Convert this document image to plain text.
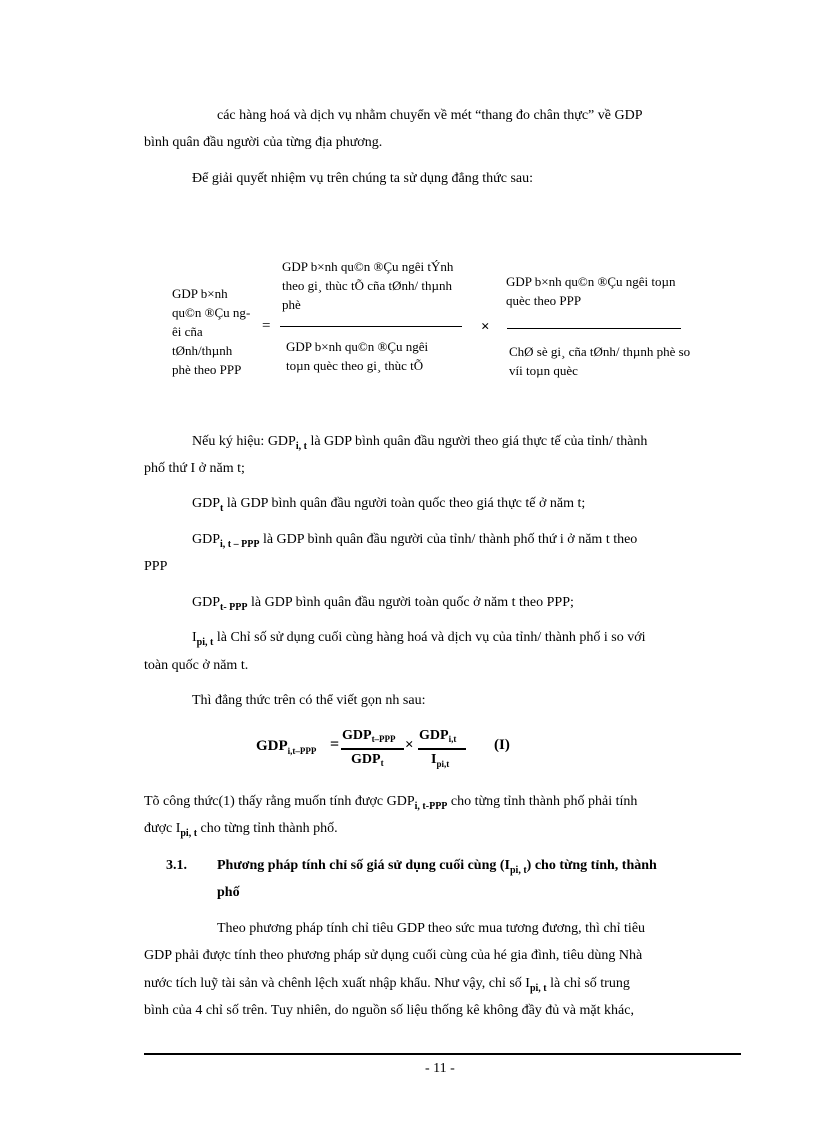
các hàng hoá và dịch vụ nhằm chuyển về mét “thang đo chân thực” về GDP
bình quân đầu người của từng địa phương.
Để giải quyết nhiệm vụ trên chúng ta sử dụng đẳng thức sau:
GDP b×nh qu©n ®Çu ngêi cña tØnh/thµnh phè theo PPP
=
GDP b×nh qu©n ®Çu ngêi tÝnh theo gi¸ thùc tÕ cña tØnh/ thµnh phè
GDP b×nh qu©n ®Çu ngêi toµn quèc theo gi¸ thùc tÕ
×
GDP b×nh qu©n ®Çu ngêi toµn quèc theo PPP
ChØ sè gi¸ cña tØnh/ thµnh phè so víi toµn quèc
Nếu ký hiệu: $GDP_{i, t}$ là GDP bình quân đầu người theo giá thực tế của tỉnh/ thành
phố thứ I ở năm t;
$GDP_t$ là GDP bình quân đầu người toàn quốc theo giá thực tế ở năm t;
$GDP_{i, t - PPP}$ là GDP bình quân đầu người của tỉnh/ thành phố thứ i ở năm t theo
PPP
$GDP_{t- PPP}$ là GDP bình quân đầu người toàn quốc ở năm t theo PPP;
$I_{pi, t}$ là Chỉ số sử dụng cuối cùng hàng hoá và dịch vụ của tỉnh/ thành phố i so với
toàn quốc ở năm t.
Thì đẳng thức trên có thể viết gọn nh sau:
$GDP_{i,t-PPP}$ =
$GDP_{t-PPP}$
$GDP_t$
×
$GDP_{i,t}$
$I_{pi,t}$
(I)
Tõ công thức(1) thấy rằng muốn tính được $GDP_{i, t-PPP}$ cho từng tỉnh thành phố phải tính
được $I_{pi, t}$ cho từng tỉnh thành phố.
3.1. Phương pháp tính chỉ số giá sử dụng cuối cùng $(I_{pi, t})$ cho từng tỉnh, thành
phố
Theo phương pháp tính chỉ tiêu GDP theo sức mua tương đương, thì chỉ tiêu
GDP phải được tính theo phương pháp sử dụng cuối cùng của hé gia đình, tiêu dùng Nhà
nước tích luỹ tài sản và chênh lệch xuất nhập khẩu. Như vậy, chỉ số $I_{pi, t}$ là chỉ số trung
bình của 4 chỉ số trên. Tuy nhiên, do nguồn số liệu thống kê không đầy đủ và mặt khác,
- 11 -
